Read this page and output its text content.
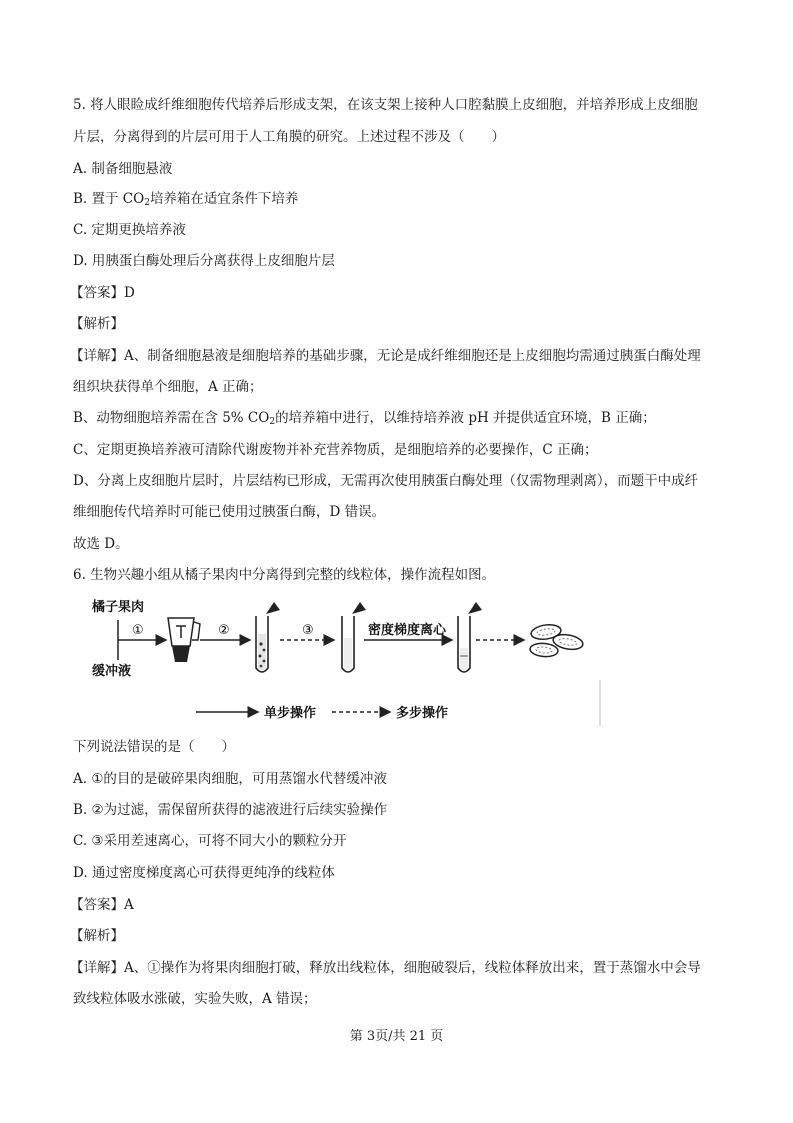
5. 将人眼睑成纤维细胞传代培养后形成支架，在该支架上接种人口腔黏膜上皮细胞，并培养形成上皮细胞
片层，分离得到的片层可用于人工角膜的研究。上述过程不涉及（　　）
A. 制备细胞悬液
B. 置于 $CO_2$培养箱在适宜条件下培养
C. 定期更换培养液
D. 用胰蛋白酶处理后分离获得上皮细胞片层
【答案】D
【解析】
【详解】A、制备细胞悬液是细胞培养的基础步骤，无论是成纤维细胞还是上皮细胞均需通过胰蛋白酶处理
组织块获得单个细胞，A 正确；
B、动物细胞培养需在含 5% $CO_2$的培养箱中进行，以维持培养液 pH 并提供适宜环境，B 正确；
C、定期更换培养液可清除代谢废物并补充营养物质，是细胞培养的必要操作，C 正确；
D、分离上皮细胞片层时，片层结构已形成，无需再次使用胰蛋白酶处理（仅需物理剥离），而题干中成纤
维细胞传代培养时可能已使用过胰蛋白酶，D 错误。
故选 D。
6. 生物兴趣小组从橘子果肉中分离得到完整的线粒体，操作流程如图。
橘子果肉
缓冲液
①	②	③	密度梯度离心
单步操作	多步操作
下列说法错误的是（　　）
A. ①的目的是破碎果肉细胞，可用蒸馏水代替缓冲液
B. ②为过滤，需保留所获得的滤液进行后续实验操作
C. ③采用差速离心，可将不同大小的颗粒分开
D. 通过密度梯度离心可获得更纯净的线粒体
【答案】A
【解析】
【详解】A、①操作为将果肉细胞打破，释放出线粒体，细胞破裂后，线粒体释放出来，置于蒸馏水中会导
致线粒体吸水涨破，实验失败，A 错误；
第 3页/共 21 页
